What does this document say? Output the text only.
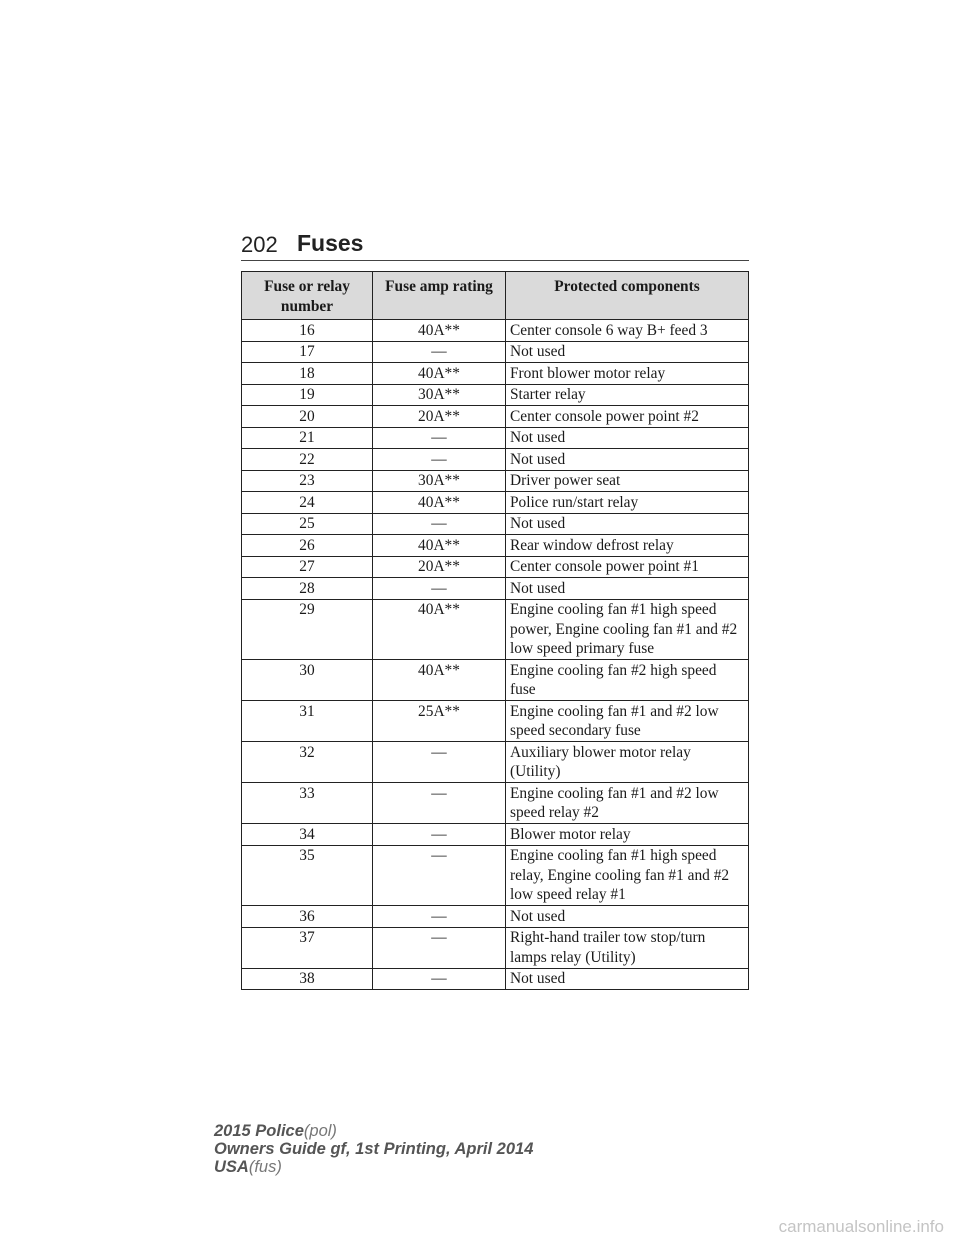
202 Fuses
Fuse or relay number	Fuse amp rating	Protected components
16	40A**	Center console 6 way B+ feed 3
17	—	Not used
18	40A**	Front blower motor relay
19	30A**	Starter relay
20	20A**	Center console power point #2
21	—	Not used
22	—	Not used
23	30A**	Driver power seat
24	40A**	Police run/start relay
25	—	Not used
26	40A**	Rear window defrost relay
27	20A**	Center console power point #1
28	—	Not used
29	40A**	Engine cooling fan #1 high speed power, Engine cooling fan #1 and #2 low speed primary fuse
30	40A**	Engine cooling fan #2 high speed fuse
31	25A**	Engine cooling fan #1 and #2 low speed secondary fuse
32	—	Auxiliary blower motor relay (Utility)
33	—	Engine cooling fan #1 and #2 low speed relay #2
34	—	Blower motor relay
35	—	Engine cooling fan #1 high speed relay, Engine cooling fan #1 and #2 low speed relay #1
36	—	Not used
37	—	Right-hand trailer tow stop/turn lamps relay (Utility)
38	—	Not used
2015 Police(pol)
Owners Guide gf, 1st Printing, April 2014
USA(fus)
carmanualsonline.info
